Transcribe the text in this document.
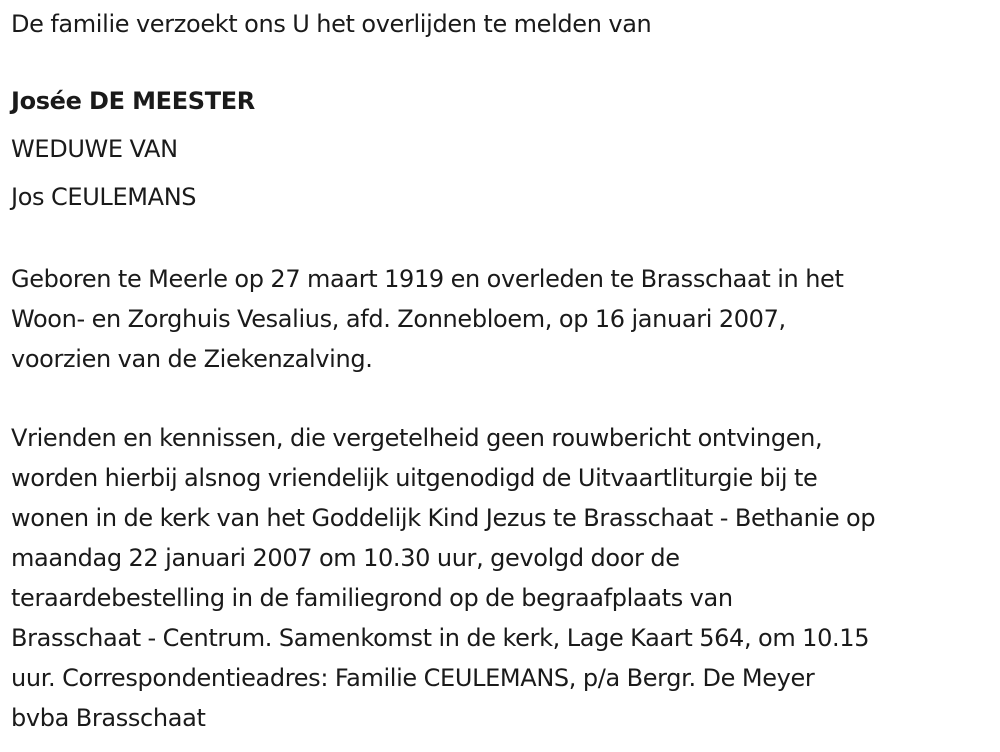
De familie verzoekt ons U het overlijden te melden van
Josée DE MEESTER
WEDUWE VAN
Jos CEULEMANS
Geboren te Meerle op 27 maart 1919 en overleden te Brasschaat in het
Woon- en Zorghuis Vesalius, afd. Zonnebloem, op 16 januari 2007,
voorzien van de Ziekenzalving.
Vrienden en kennissen, die vergetelheid geen rouwbericht ontvingen,
worden hierbij alsnog vriendelijk uitgenodigd de Uitvaartliturgie bij te
wonen in de kerk van het Goddelijk Kind Jezus te Brasschaat - Bethanie op
maandag 22 januari 2007 om 10.30 uur, gevolgd door de
teraardebestelling in de familiegrond op de begraafplaats van
Brasschaat - Centrum. Samenkomst in de kerk, Lage Kaart 564, om 10.15
uur. Correspondentieadres: Familie CEULEMANS, p/a Bergr. De Meyer
bvba Brasschaat
